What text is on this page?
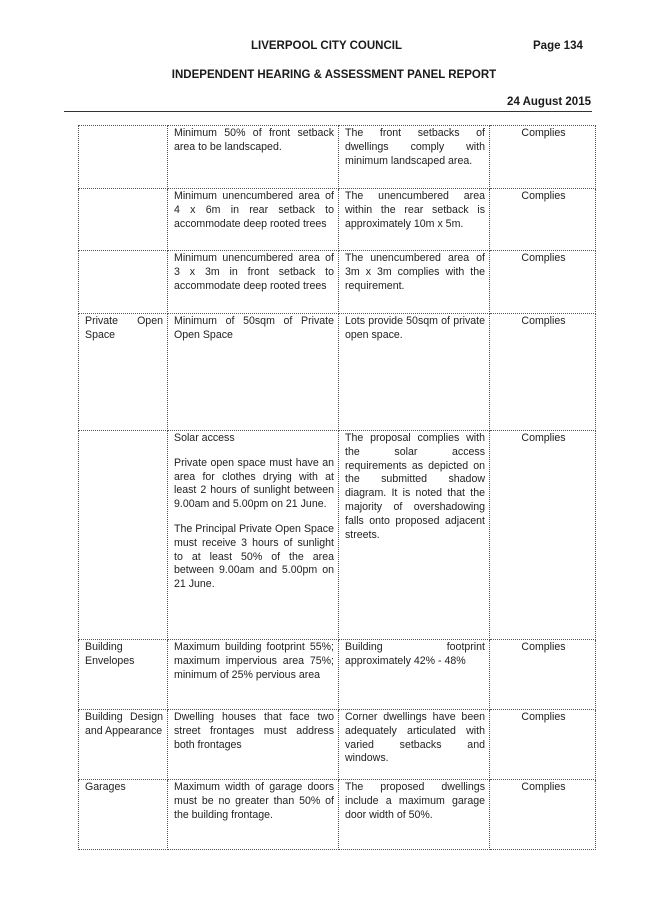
LIVERPOOL CITY COUNCIL	Page 134
INDEPENDENT HEARING & ASSESSMENT PANEL REPORT
24 August 2015

	Minimum 50% of front setback area to be landscaped.	The front setbacks of dwellings comply with minimum landscaped area.	Complies

	Minimum unencumbered area of 4 x 6m in rear setback to accommodate deep rooted trees	The unencumbered area within the rear setback is approximately 10m x 5m.	Complies

	Minimum unencumbered area of 3 x 3m in front setback to accommodate deep rooted trees	The unencumbered area of 3m x 3m complies with the requirement.	Complies
Private Open Space	Minimum of 50sqm of Private Open Space	Lots provide 50sqm of private open space.	Complies

	Solar access

Private open space must have an area for clothes drying with at least 2 hours of sunlight between 9.00am and 5.00pm on 21 June.

The Principal Private Open Space must receive 3 hours of sunlight to at least 50% of the area between 9.00am and 5.00pm on 21 June.	The proposal complies with the solar access requirements as depicted on the submitted shadow diagram. It is noted that the majority of overshadowing falls onto proposed adjacent streets.	Complies
Building Envelopes	Maximum building footprint 55%; maximum impervious area 75%; minimum of 25% pervious area	Building footprint approximately 42% - 48%	Complies
Building Design and Appearance	Dwelling houses that face two street frontages must address both frontages	Corner dwellings have been adequately articulated with varied setbacks and windows.	Complies
Garages	Maximum width of garage doors must be no greater than 50% of the building frontage.	The proposed dwellings include a maximum garage door width of 50%.	Complies
